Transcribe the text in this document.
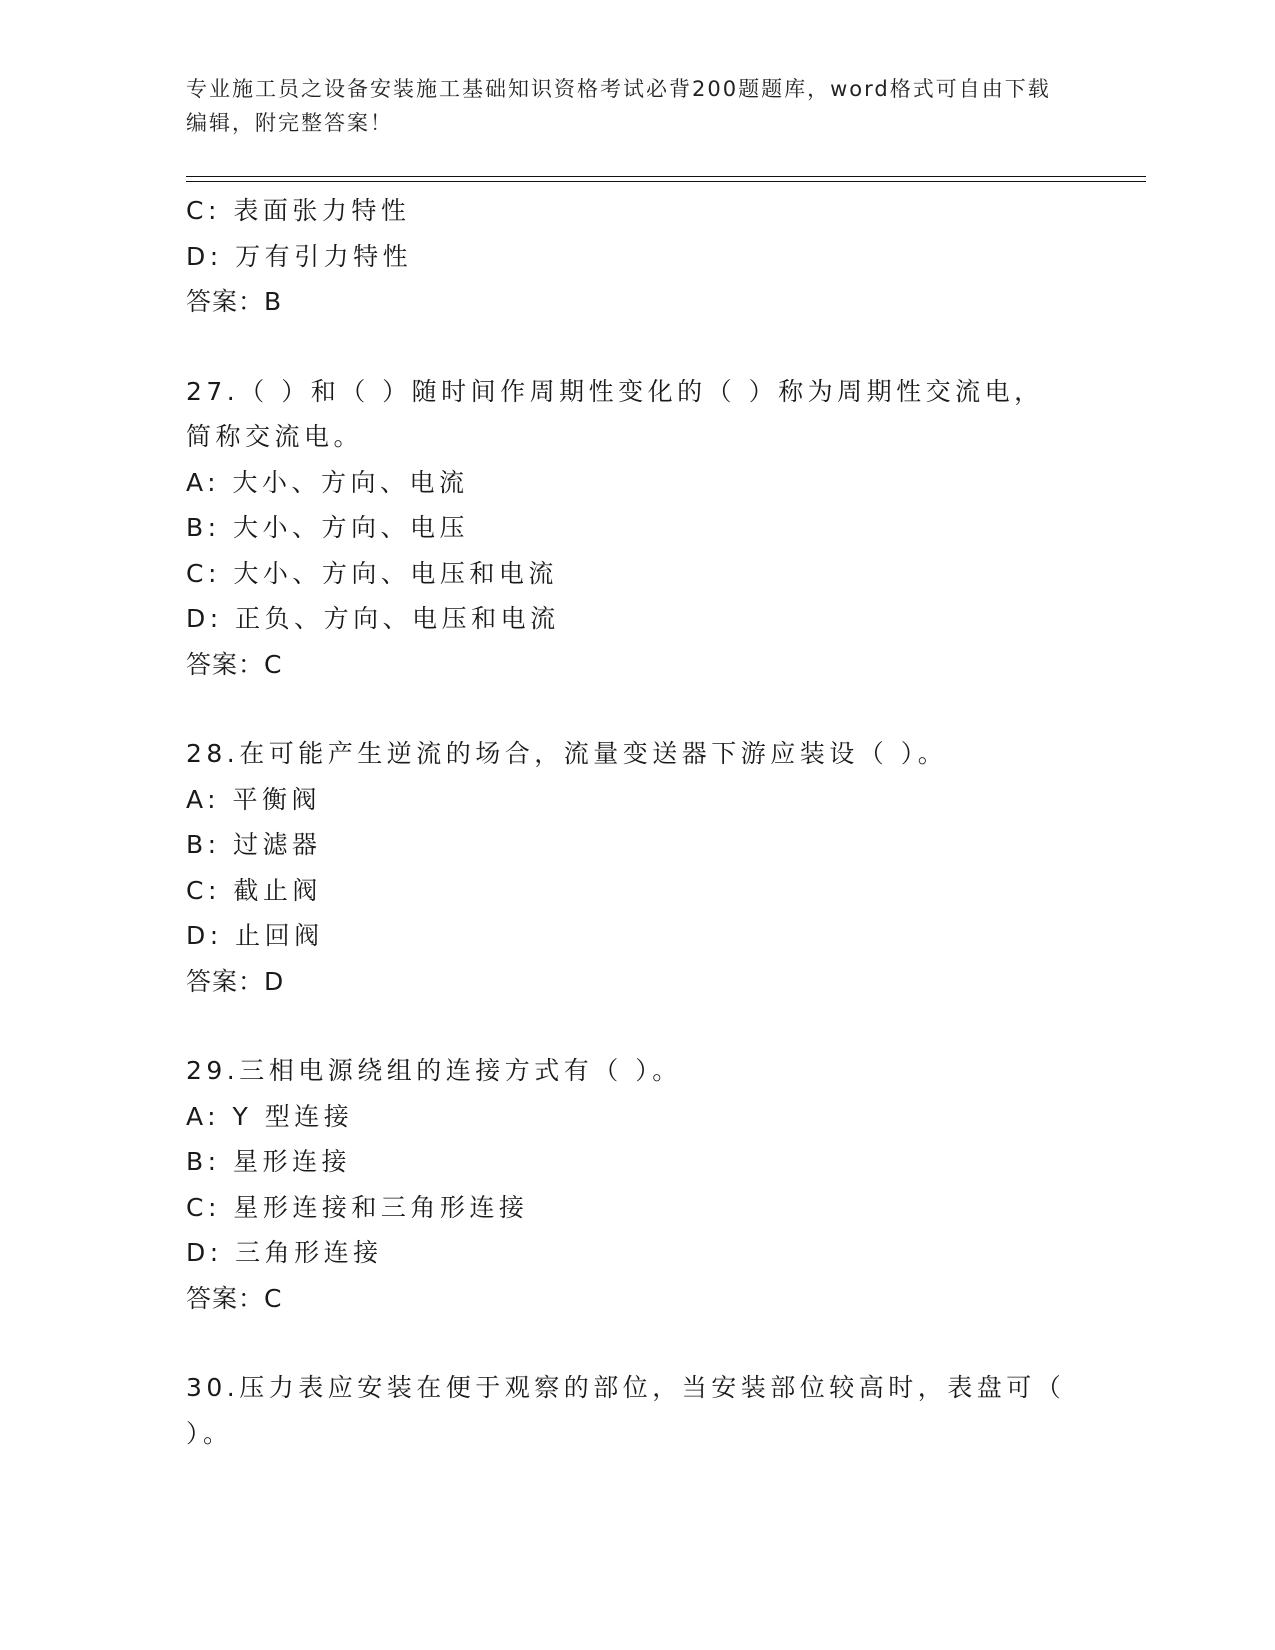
专业施工员之设备安装施工基础知识资格考试必背200题题库，word格式可自由下载编辑，附完整答案！
C: 表面张力特性
D: 万有引力特性
答案：B
27.（ ）和（ ）随时间作周期性变化的（ ）称为周期性交流电，简称交流电。
A: 大小、方向、电流
B: 大小、方向、电压
C: 大小、方向、电压和电流
D: 正负、方向、电压和电流
答案：C
28.在可能产生逆流的场合，流量变送器下游应装设（ ）。
A: 平衡阀
B: 过滤器
C: 截止阀
D: 止回阀
答案：D
29.三相电源绕组的连接方式有（ ）。
A: Y 型连接
B: 星形连接
C: 星形连接和三角形连接
D: 三角形连接
答案：C
30.压力表应安装在便于观察的部位，当安装部位较高时，表盘可（ ）。
